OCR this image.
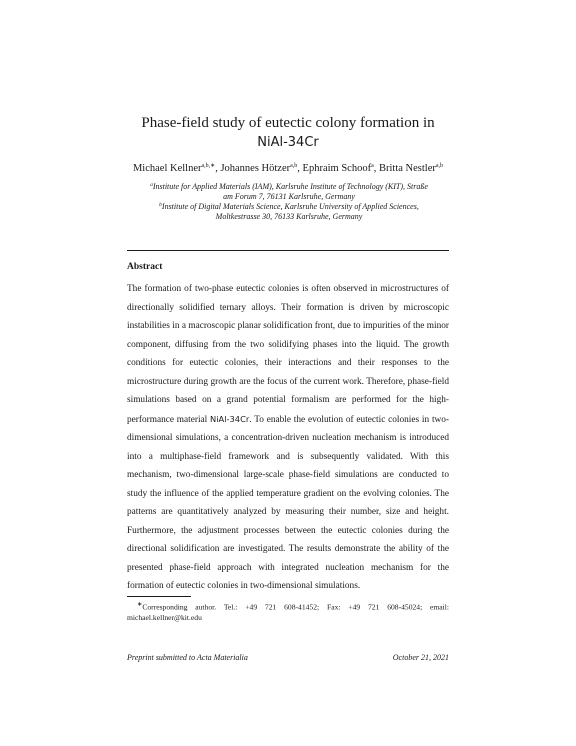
Phase-field study of eutectic colony formation in
NiAl-34Cr
Michael Kellner$^{a,b,∗}$, Johannes Hötzer$^{a,b}$, Ephraim Schoof$^a$, Britta Nestler$^{a,b}$
$^a$Institute for Applied Materials (IAM), Karlsruhe Institute of Technology (KIT), Straße
am Forum 7, 76131 Karlsruhe, Germany
$^b$Institute of Digital Materials Science, Karlsruhe University of Applied Sciences,
Moltkestrasse 30, 76133 Karlsruhe, Germany
Abstract
The formation of two-phase eutectic colonies is often observed in microstructures of directionally solidified ternary alloys. Their formation is driven by microscopic instabilities in a macroscopic planar solidification front, due to impurities of the minor component, diffusing from the two solidifying phases into the liquid. The growth conditions for eutectic colonies, their interactions and their responses to the microstructure during growth are the focus of the current work. Therefore, phase-field simulations based on a grand potential formalism are performed for the high-performance material NiAl-34Cr. To enable the evolution of eutectic colonies in two-dimensional simulations, a concentration-driven nucleation mechanism is introduced into a multiphase-field framework and is subsequently validated. With this mechanism, two-dimensional large-scale phase-field simulations are conducted to study the influence of the applied temperature gradient on the evolving colonies. The patterns are quantitatively analyzed by measuring their number, size and height. Furthermore, the adjustment processes between the eutectic colonies during the directional solidification are investigated. The results demonstrate the ability of the presented phase-field approach with integrated nucleation mechanism for the formation of eutectic colonies in two-dimensional simulations.
∗Corresponding author. Tel.: +49 721 608-41452; Fax: +49 721 608-45024; email: michael.kellner@kit.edu
Preprint submitted to Acta Materialia	October 21, 2021
